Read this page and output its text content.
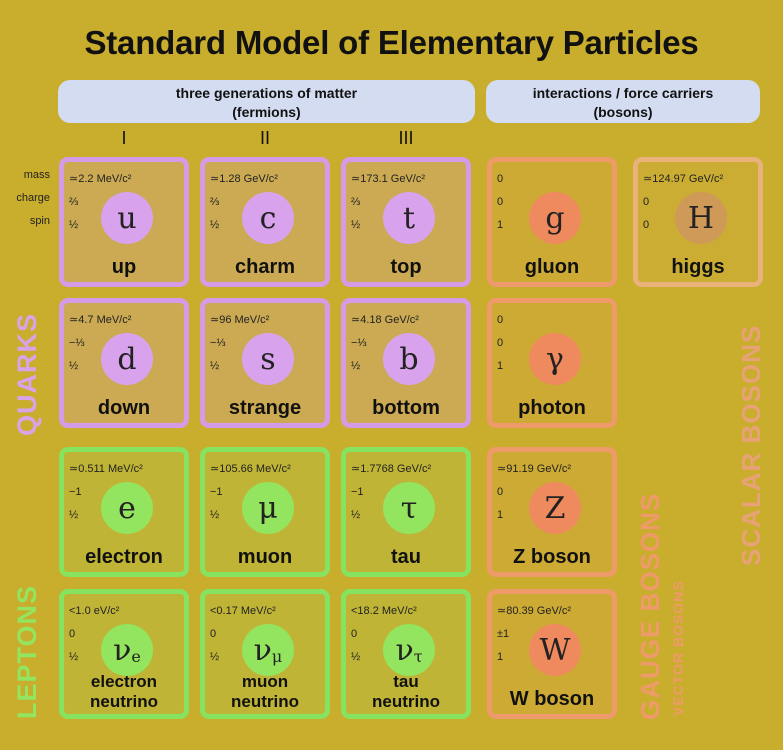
Standard Model of Elementary Particles
three generations of matter
(fermions)
interactions / force carriers
(bosons)
I	II	III
mass
charge
spin
≃2.2 MeV/c²
⅔
½	u
up
≃1.28 GeV/c²
⅔
½	c
charm
≃173.1 GeV/c²
⅔
½	t
top
0
0
1	g
gluon
≃124.97 GeV/c²
0
0	H
higgs
≃4.7 MeV/c²
−⅓
½	d
down
≃96 MeV/c²
−⅓
½	s
strange
≃4.18 GeV/c²
−⅓
½	b
bottom
0
0
1	γ
photon
≃0.511 MeV/c²
−1
½	e
electron
≃105.66 MeV/c²
−1
½	μ
muon
≃1.7768 GeV/c²
−1
½	τ
tau
≃91.19 GeV/c²
0
1	Z
Z boson
<1.0 eV/c²
0
½	ν e
electron
neutrino
<0.17 MeV/c²
0
½	ν μ
muon
neutrino
<18.2 MeV/c²
0
½	ν τ
tau
neutrino
≃80.39 GeV/c²
±1
1	W
W boson
QUARKS
LEPTONS	GAUGE BOSONS VECTOR BOSONS
SCALAR BOSONS
